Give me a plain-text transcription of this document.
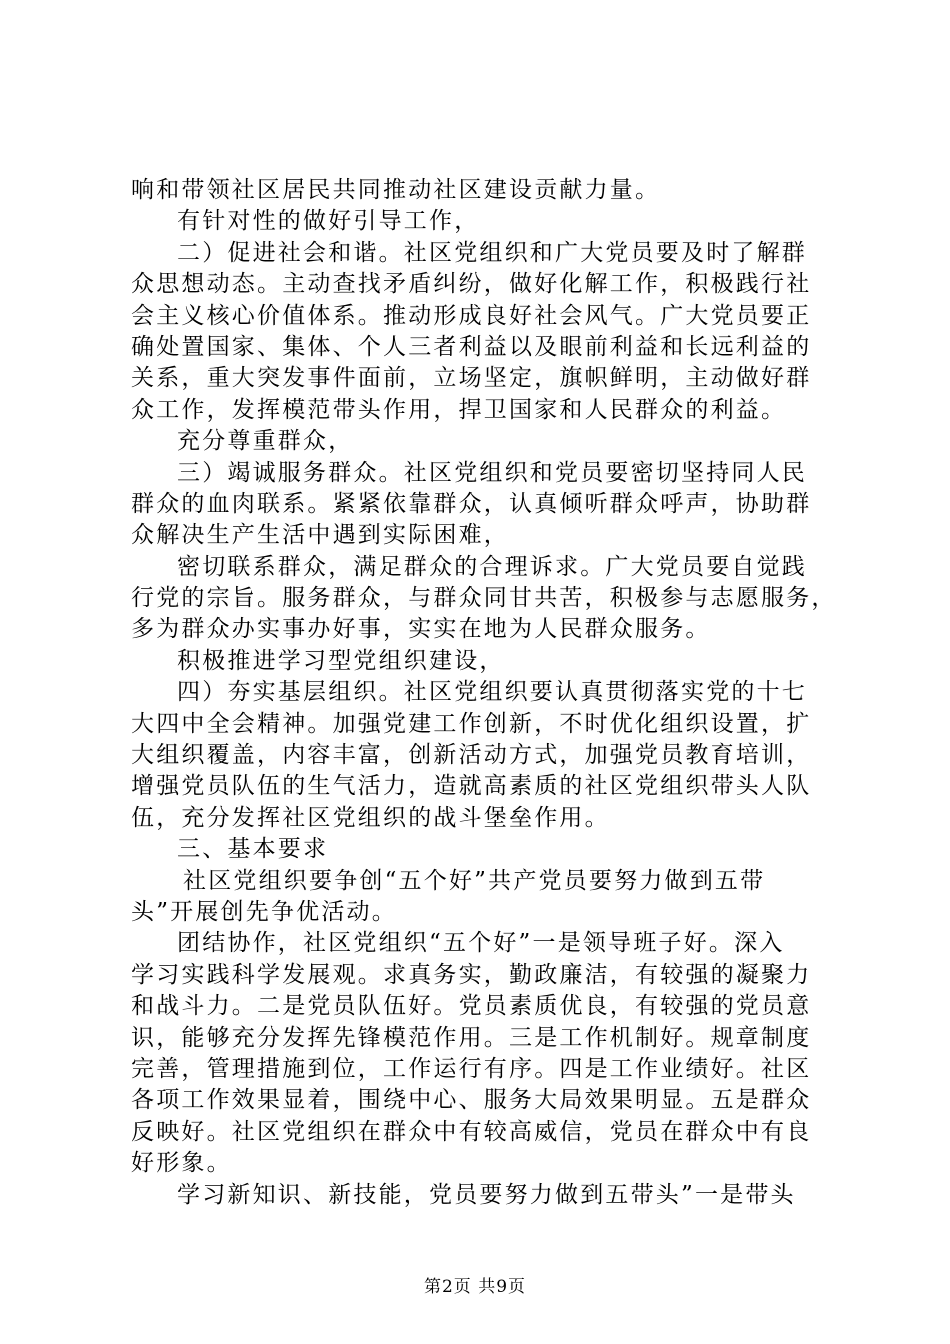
响和带领社区居民共同推动社区建设贡献力量。
有针对性的做好引导工作，
二）促进社会和谐。社区党组织和广大党员要及时了解群
众思想动态。主动查找矛盾纠纷，做好化解工作，积极践行社
会主义核心价值体系。推动形成良好社会风气。广大党员要正
确处置国家、集体、个人三者利益以及眼前利益和长远利益的
关系，重大突发事件面前，立场坚定，旗帜鲜明，主动做好群
众工作，发挥模范带头作用，捍卫国家和人民群众的利益。
充分尊重群众，
三）竭诚服务群众。社区党组织和党员要密切坚持同人民
群众的血肉联系。紧紧依靠群众，认真倾听群众呼声，协助群
众解决生产生活中遇到实际困难，
密切联系群众，满足群众的合理诉求。广大党员要自觉践
行党的宗旨。服务群众，与群众同甘共苦，积极参与志愿服务，
多为群众办实事办好事，实实在地为人民群众服务。
积极推进学习型党组织建设，
四）夯实基层组织。社区党组织要认真贯彻落实党的十七
大四中全会精神。加强党建工作创新，不时优化组织设置，扩
大组织覆盖，内容丰富，创新活动方式，加强党员教育培训，
增强党员队伍的生气活力，造就高素质的社区党组织带头人队
伍，充分发挥社区党组织的战斗堡垒作用。
三、基本要求
社区党组织要争创“五个好”共产党员要努力做到五带
头”开展创先争优活动。
团结协作，社区党组织“五个好”一是领导班子好。深入
学习实践科学发展观。求真务实，勤政廉洁，有较强的凝聚力
和战斗力。二是党员队伍好。党员素质优良，有较强的党员意
识，能够充分发挥先锋模范作用。三是工作机制好。规章制度
完善，管理措施到位，工作运行有序。四是工作业绩好。社区
各项工作效果显着，围绕中心、服务大局效果明显。五是群众
反映好。社区党组织在群众中有较高威信，党员在群众中有良
好形象。
学习新知识、新技能，党员要努力做到五带头”一是带头
第2页 共9页
